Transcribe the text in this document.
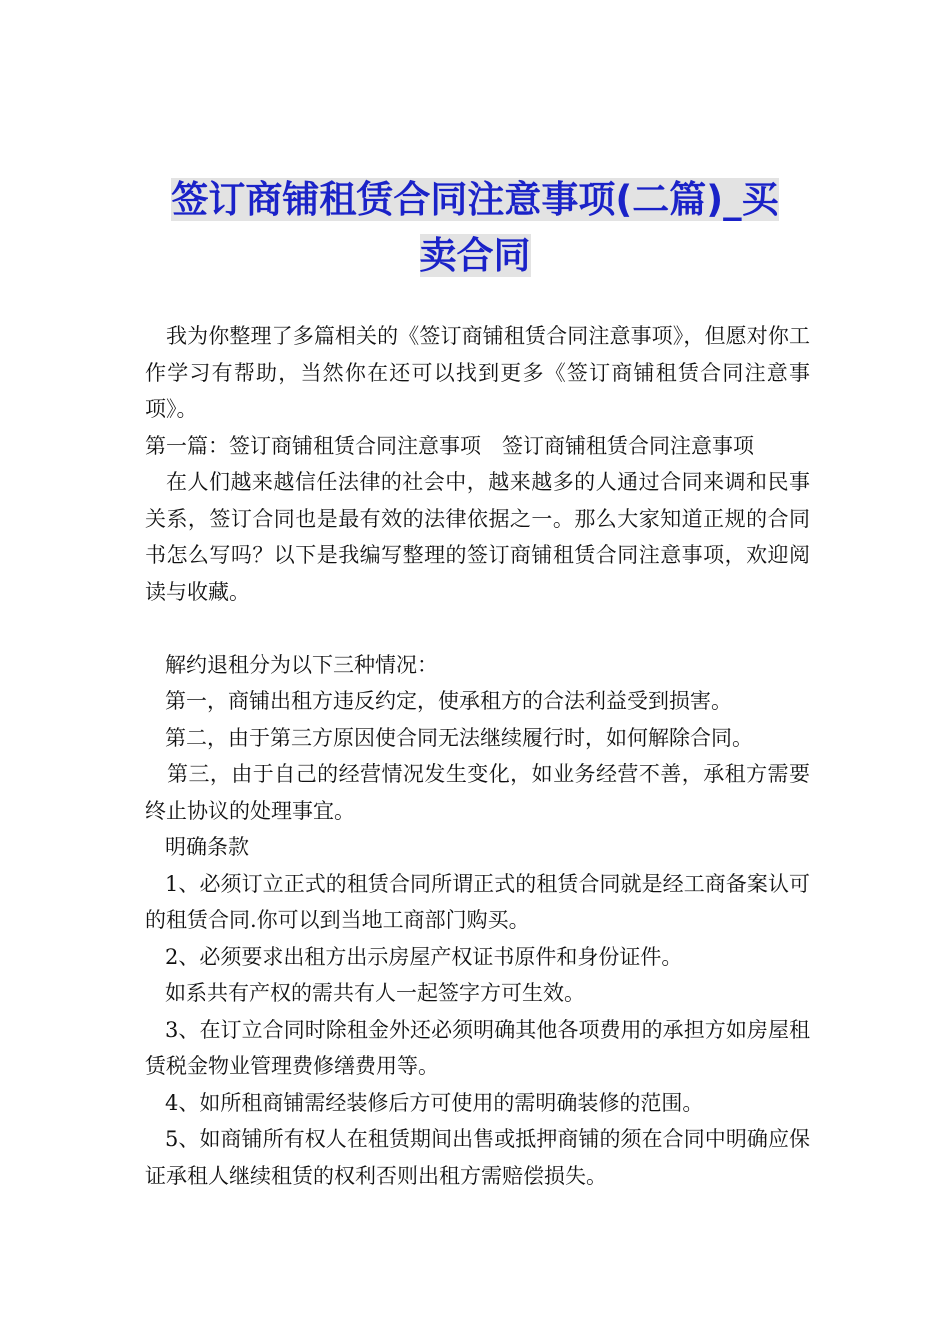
签订商铺租赁合同注意事项(二篇)_买
卖合同

我为你整理了多篇相关的《签订商铺租赁合同注意事项》，但愿对你工作学习有帮助，当然你在还可以找到更多《签订商铺租赁合同注意事项》。

第一篇：签订商铺租赁合同注意事项　签订商铺租赁合同注意事项

在人们越来越信任法律的社会中，越来越多的人通过合同来调和民事关系，签订合同也是最有效的法律依据之一。那么大家知道正规的合同书怎么写吗？以下是我编写整理的签订商铺租赁合同注意事项，欢迎阅读与收藏。

解约退租分为以下三种情况：

第一，商铺出租方违反约定，使承租方的合法利益受到损害。

第二，由于第三方原因使合同无法继续履行时，如何解除合同。

第三，由于自己的经营情况发生变化，如业务经营不善，承租方需要终止协议的处理事宜。

明确条款

1、必须订立正式的租赁合同所谓正式的租赁合同就是经工商备案认可的租赁合同.你可以到当地工商部门购买。

2、必须要求出租方出示房屋产权证书原件和身份证件。

如系共有产权的需共有人一起签字方可生效。

3、在订立合同时除租金外还必须明确其他各项费用的承担方如房屋租赁税金物业管理费修缮费用等。

4、如所租商铺需经装修后方可使用的需明确装修的范围。

5、如商铺所有权人在租赁期间出售或抵押商铺的须在合同中明确应保证承租人继续租赁的权利否则出租方需赔偿损失。
